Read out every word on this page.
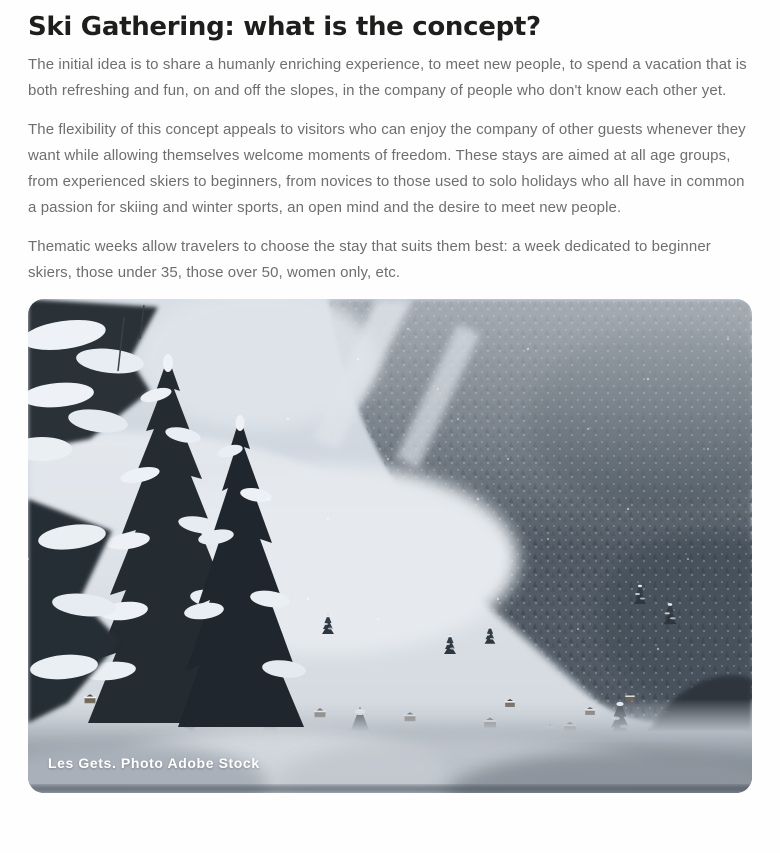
Ski Gathering: what is the concept?

The initial idea is to share a humanly enriching experience, to meet new people, to spend a vacation that is both refreshing and fun, on and off the slopes, in the company of people who don't know each other yet.

The flexibility of this concept appeals to visitors who can enjoy the company of other guests whenever they want while allowing themselves welcome moments of freedom. These stays are aimed at all age groups, from experienced skiers to beginners, from novices to those used to solo holidays who all have in common a passion for skiing and winter sports, an open mind and the desire to meet new people.

Thematic weeks allow travelers to choose the stay that suits them best: a week dedicated to beginner skiers, those under 35, those over 50, women only, etc.

Les Gets. Photo Adobe Stock
